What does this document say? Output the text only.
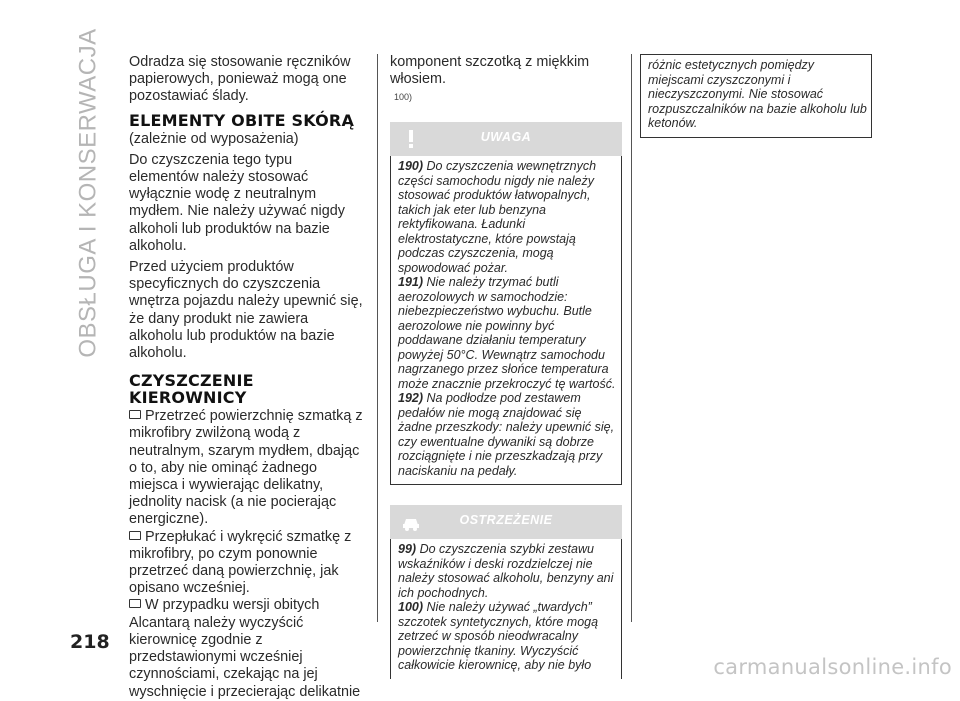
OBSŁUGA I KONSERWACJA Odradza się stosowanie ręczników papierowych, ponieważ mogą one pozostawiać ślady.

ELEMENTY OBITE SKÓRĄ

(zależnie od wyposażenia)

Do czyszczenia tego typu elementów należy stosować wyłącznie wodę z neutralnym mydłem. Nie należy używać nigdy alkoholi lub produktów na bazie alkoholu.

Przed użyciem produktów specyficznych do czyszczenia wnętrza pojazdu należy upewnić się, że dany produkt nie zawiera alkoholu lub produktów na bazie alkoholu.

CZYSZCZENIE KIEROWNICY

Przetrzeć powierzchnię szmatką z mikrofibry zwilżoną wodą z neutralnym, szarym mydłem, dbając o to, aby nie ominąć żadnego miejsca i wywierając delikatny, jednolity nacisk (a nie pocierając energiczne).

Przepłukać i wykręcić szmatkę z mikrofibry, po czym ponownie przetrzeć daną powierzchnię, jak opisano wcześniej.

W przypadku wersji obitych Alcantarą należy wyczyścić kierownicę zgodnie z przedstawionymi wcześniej czynnościami, czekając na jej wyschnięcie i przecierając delikatnie

komponent szczotką z miękkim włosiem.

100)
UWAGA

190) Do czyszczenia wewnętrznych części samochodu nigdy nie należy stosować produktów łatwopalnych, takich jak eter lub benzyna rektyfikowana. Ładunki elektrostatyczne, które powstają podczas czyszczenia, mogą spowodować pożar.

191) Nie należy trzymać butli aerozolowych w samochodzie: niebezpieczeństwo wybuchu. Butle aerozolowe nie powinny być poddawane działaniu temperatury powyżej 50°C. Wewnątrz samochodu nagrzanego przez słońce temperatura może znacznie przekroczyć tę wartość.

192) Na podłodze pod zestawem pedałów nie mogą znajdować się żadne przeszkody: należy upewnić się, czy ewentualne dywaniki są dobrze rozciągnięte i nie przeszkadzają przy naciskaniu na pedały.

OSTRZEŻENIE

99) Do czyszczenia szybki zestawu wskaźników i deski rozdzielczej nie należy stosować alkoholu, benzyny ani ich pochodnych.

100) Nie należy używać „twardych” szczotek syntetycznych, które mogą zetrzeć w sposób nieodwracalny powierzchnię tkaniny. Wyczyścić całkowicie kierownicę, aby nie było

różnic estetycznych pomiędzy miejscami czyszczonymi i nieczyszczonymi. Nie stosować rozpuszczalników na bazie alkoholu lub ketonów.

218
carmanualsonline.info
